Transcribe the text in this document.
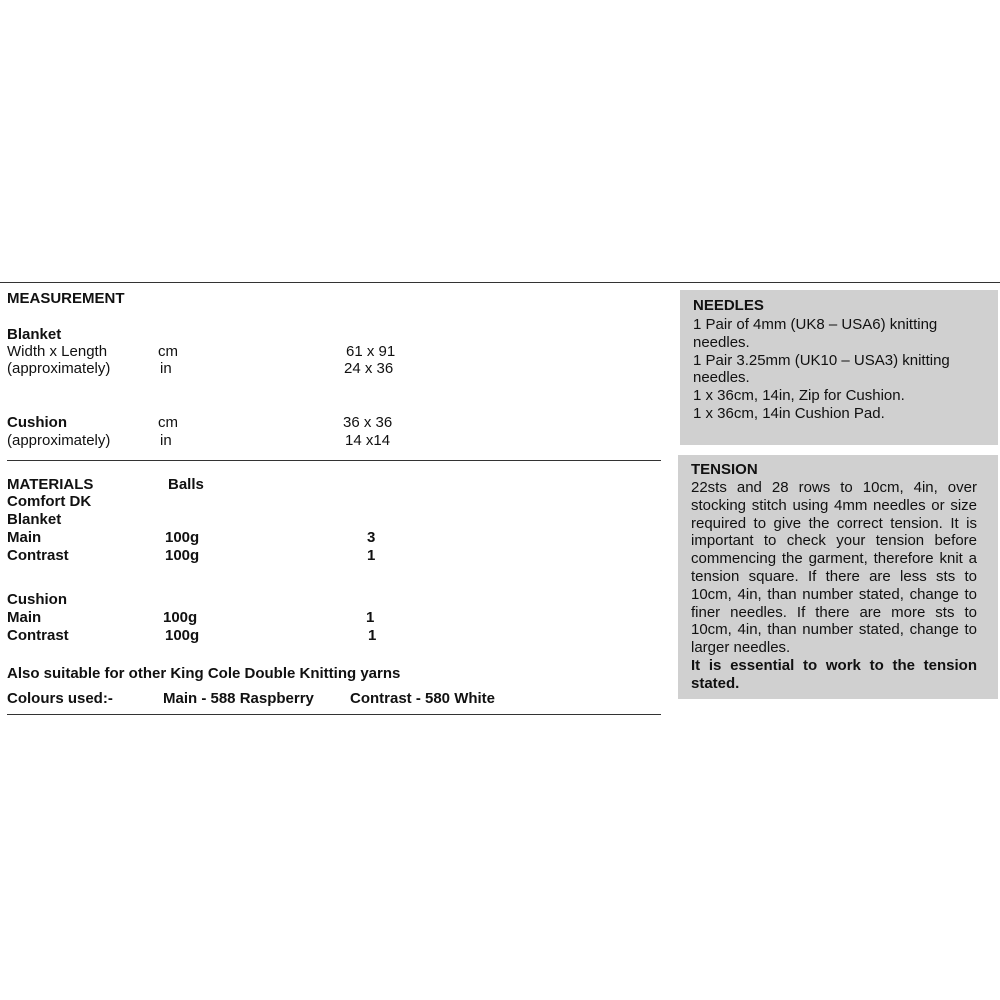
MEASUREMENT
Blanket
Width x Length	cm	61 x 91
(approximately)	in	24 x 36
Cushion	cm	36 x 36
(approximately)	in	14 x14
MATERIALS	Balls
Comfort DK
Blanket
Main	100g	3
Contrast	100g	1
Cushion
Main	100g	1
Contrast	100g	1
Also suitable for other King Cole Double Knitting yarns
Colours used:-	Main - 588 Raspberry Contrast - 580 White
NEEDLES
1 Pair of 4mm (UK8 – USA6) knitting
needles.
1 Pair 3.25mm (UK10 – USA3) knitting
needles.
1 x 36cm, 14in, Zip for Cushion.
1 x 36cm, 14in Cushion Pad.
TENSION
22sts and 28 rows to 10cm, 4in, over
stocking stitch using 4mm needles or size
required to give the correct tension. It is
important to check your tension before
commencing the garment, therefore knit a
tension square. If there are less sts to
10cm, 4in, than number stated, change to
finer needles. If there are more sts to
10cm, 4in, than number stated, change to
larger needles.
It is essential to work to the tension
stated.
